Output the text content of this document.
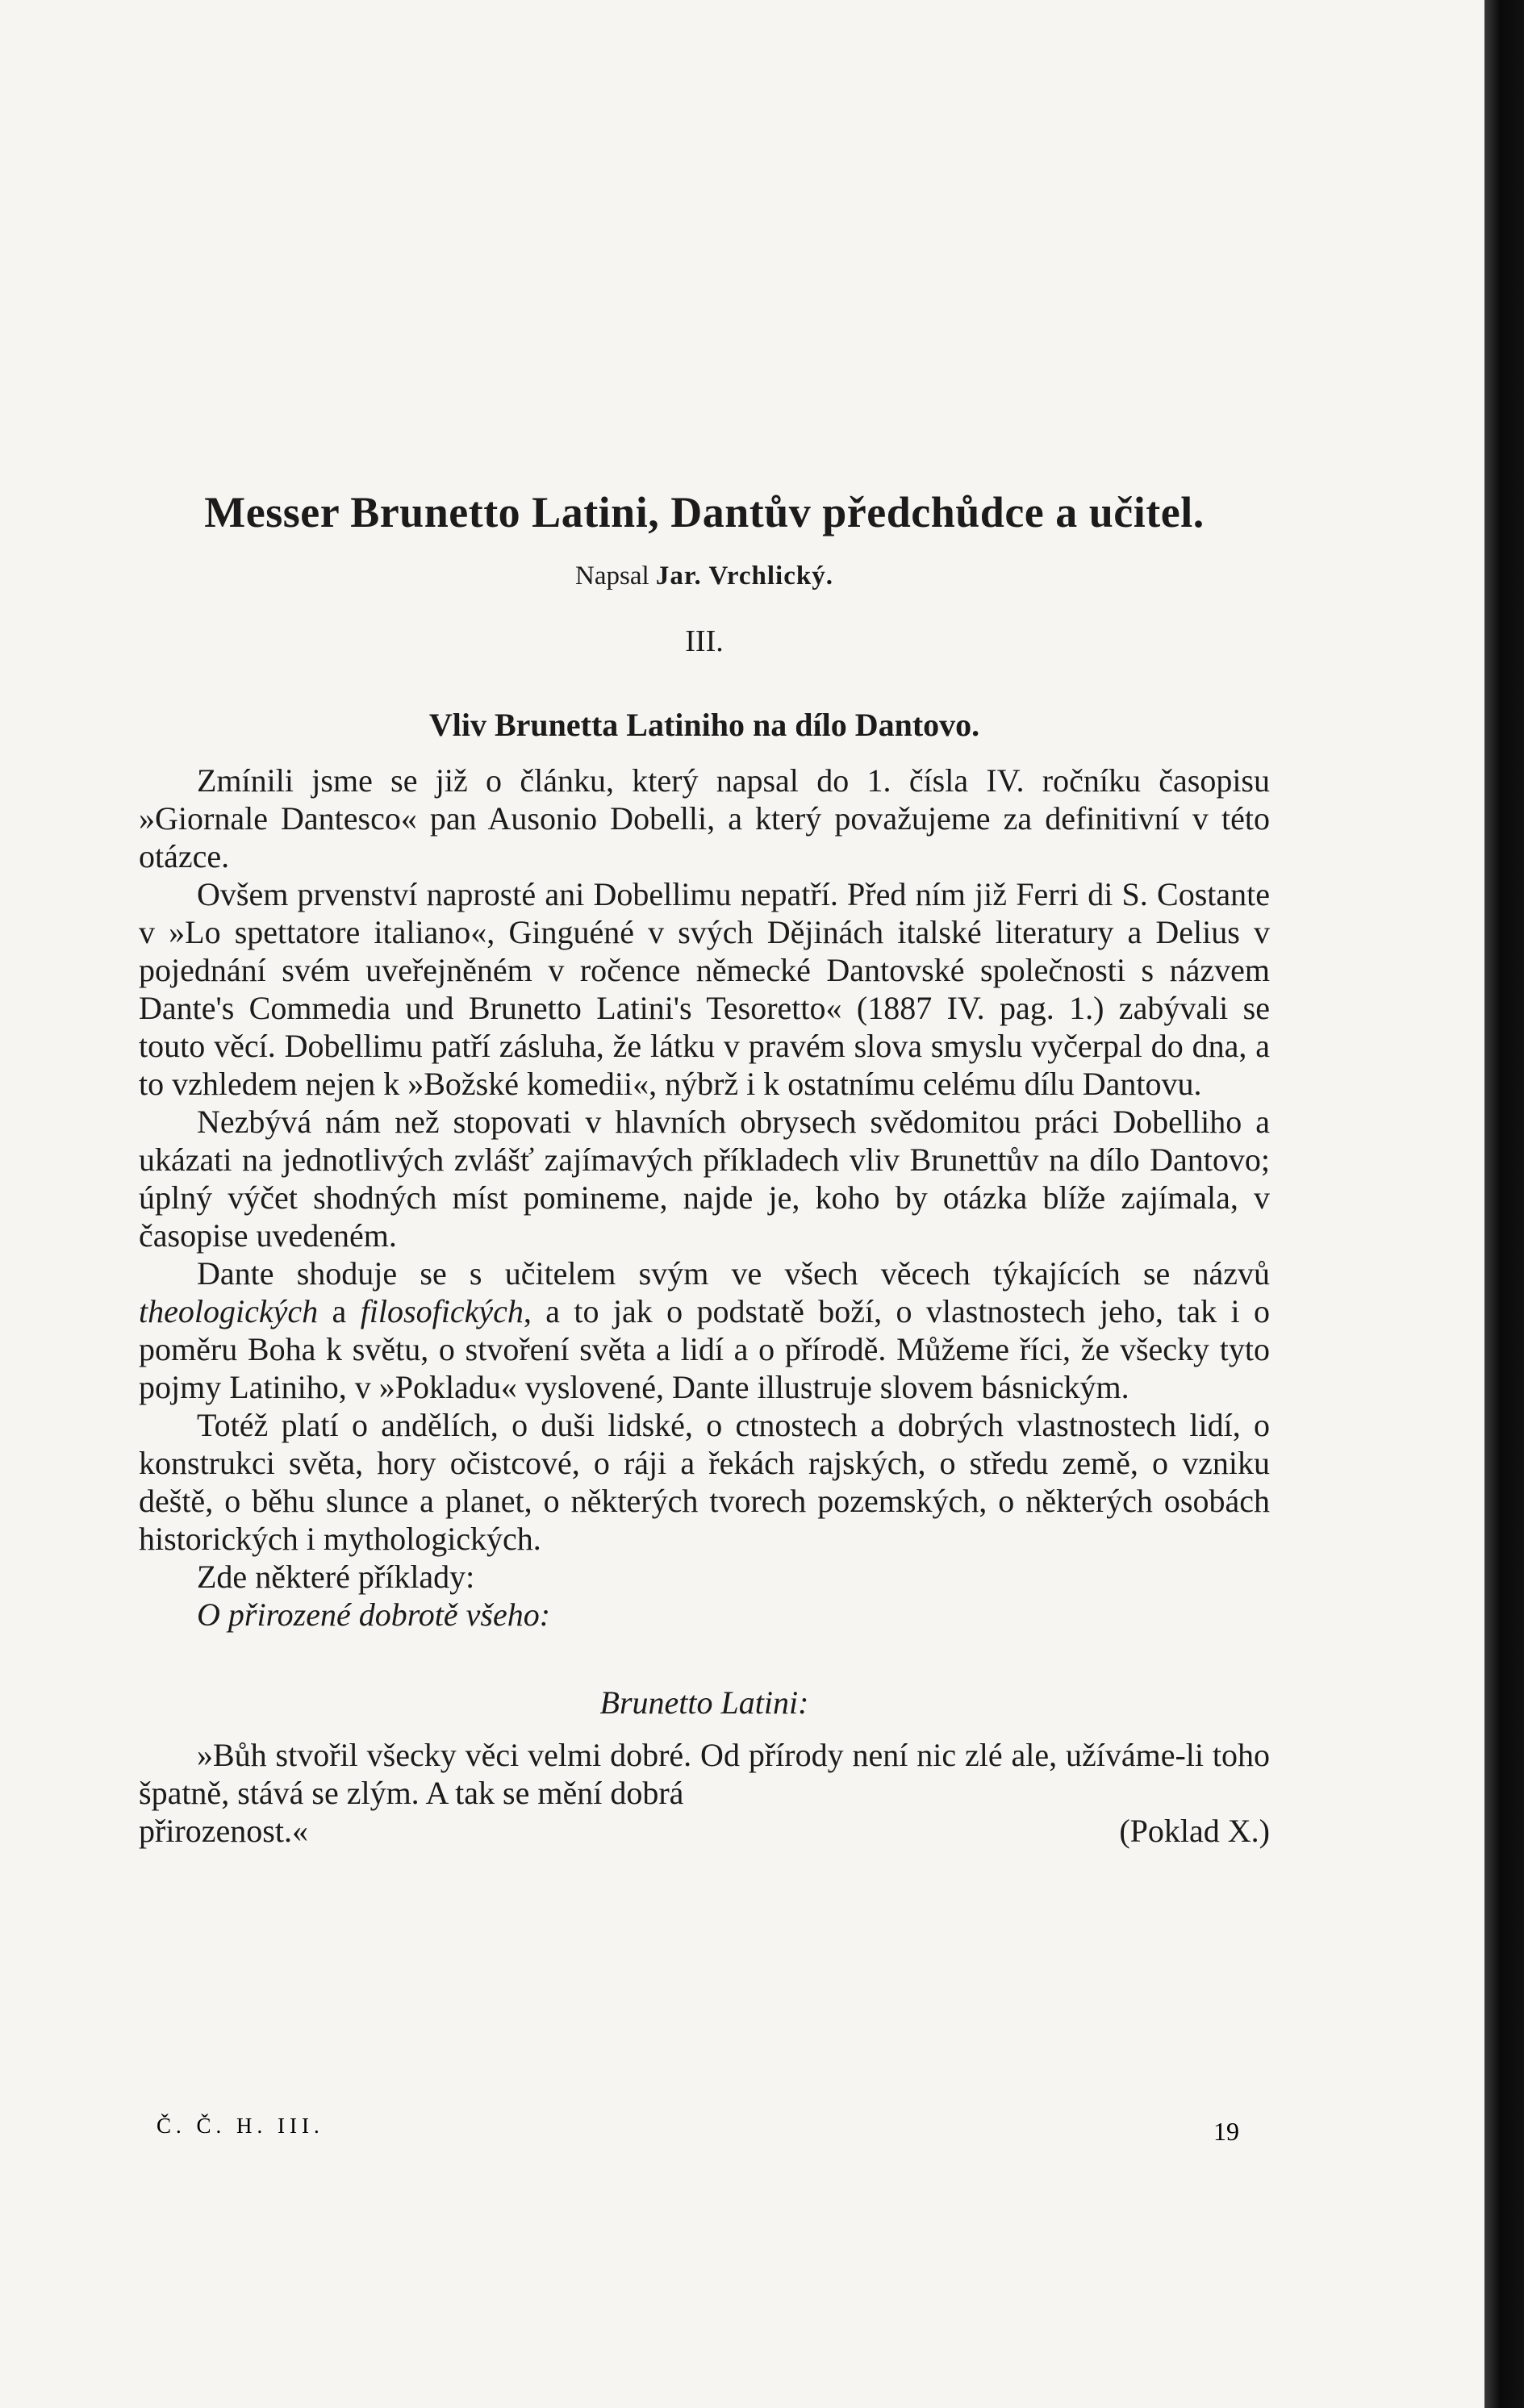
Messer Brunetto Latini, Dantův předchůdce a učitel.
Napsal Jar. Vrchlický.
III.
Vliv Brunetta Latiniho na dílo Dantovo.

Zmínili jsme se již o článku, který napsal do 1. čísla IV. ročníku časopisu »Giornale Dantesco« pan Ausonio Dobelli, a který považujeme za definitivní v této otázce.

Ovšem prvenství naprosté ani Dobellimu nepatří. Před ním již Ferri di S. Costante v »Lo spettatore italiano«, Ginguéné v svých Dějinách italské literatury a Delius v pojednání svém uveřejněném v ročence německé Dantovské společnosti s názvem Dante's Commedia und Brunetto Latini's Tesoretto« (1887 IV. pag. 1.) zabývali se touto věcí. Dobellimu patří zásluha, že látku v pravém slova smyslu vyčerpal do dna, a to vzhledem nejen k »Božské komedii«, nýbrž i k ostatnímu celému dílu Dantovu.

Nezbývá nám než stopovati v hlavních obrysech svědomitou práci Dobelliho a ukázati na jednotlivých zvlášť zajímavých příkladech vliv Brunettův na dílo Dantovo; úplný výčet shodných míst pomineme, najde je, koho by otázka blíže zajímala, v časopise uvedeném.

Dante shoduje se s učitelem svým ve všech věcech týkajících se názvů theologických a filosofických, a to jak o podstatě boží, o vlastnostech jeho, tak i o poměru Boha k světu, o stvoření světa a lidí a o přírodě. Můžeme říci, že všecky tyto pojmy Latiniho, v »Pokladu« vyslovené, Dante illustruje slovem básnickým.

Totéž platí o andělích, o duši lidské, o ctnostech a dobrých vlastnostech lidí, o konstrukci světa, hory očistcové, o ráji a řekách rajských, o středu země, o vzniku deště, o běhu slunce a planet, o některých tvorech pozemských, o některých osobách historických i mythologických.

Zde některé příklady:

O přirozené dobrotě všeho:
Brunetto Latini:

»Bůh stvořil všecky věci velmi dobré. Od přírody není nic zlé ale, užíváme-li toho špatně, stává se zlým. A tak se mění dobrá

přirozenost.«	(Poklad X.)
Č. Č. H. III.	19
